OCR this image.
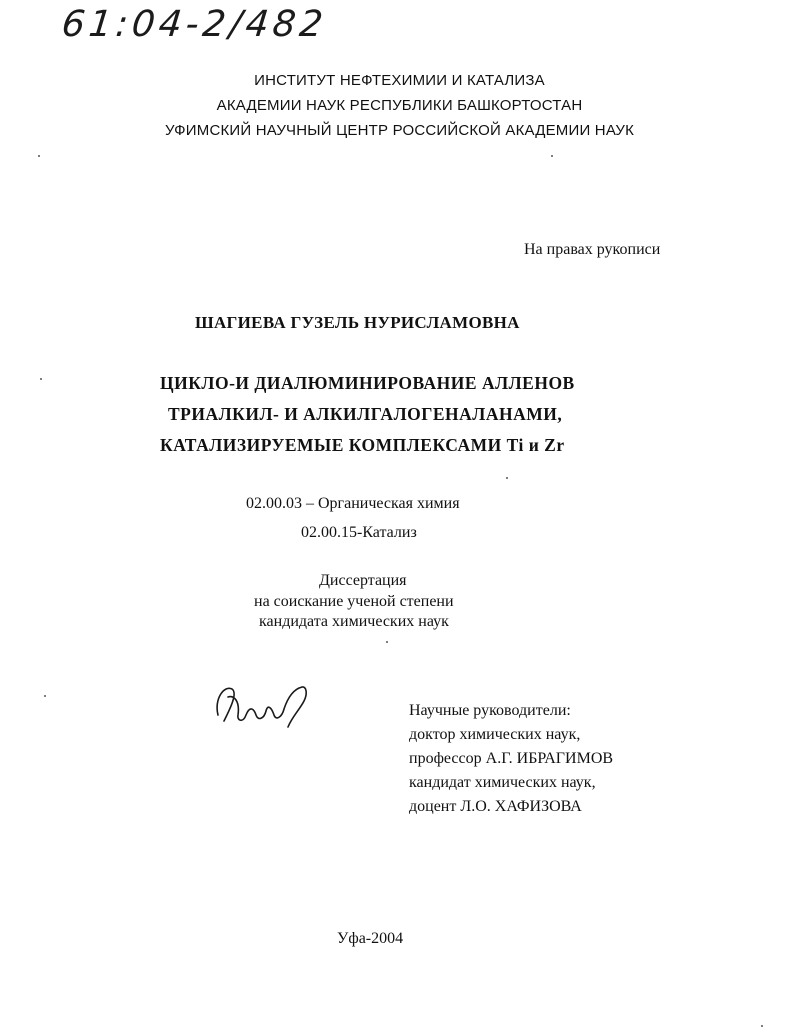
61:04-2/482
ИНСТИТУТ НЕФТЕХИМИИ И КАТАЛИЗА
АКАДЕМИИ НАУК РЕСПУБЛИКИ БАШКОРТОСТАН
УФИМСКИЙ НАУЧНЫЙ ЦЕНТР РОССИЙСКОЙ АКАДЕМИИ НАУК
На правах рукописи
ШАГИЕВА ГУЗЕЛЬ НУРИСЛАМОВНА
ЦИКЛО-И ДИАЛЮМИНИРОВАНИЕ АЛЛЕНОВ
ТРИАЛКИЛ- И АЛКИЛГАЛОГЕНАЛАНАМИ,
КАТАЛИЗИРУЕМЫЕ КОМПЛЕКСАМИ Ti и Zr
02.00.03 – Органическая химия
02.00.15-Катализ
Диссертация
на соискание ученой степени
кандидата химических наук
Научные руководители:
доктор химических наук,
профессор А.Г. ИБРАГИМОВ
кандидат химических наук,
доцент Л.О. ХАФИЗОВА
Уфа-2004
